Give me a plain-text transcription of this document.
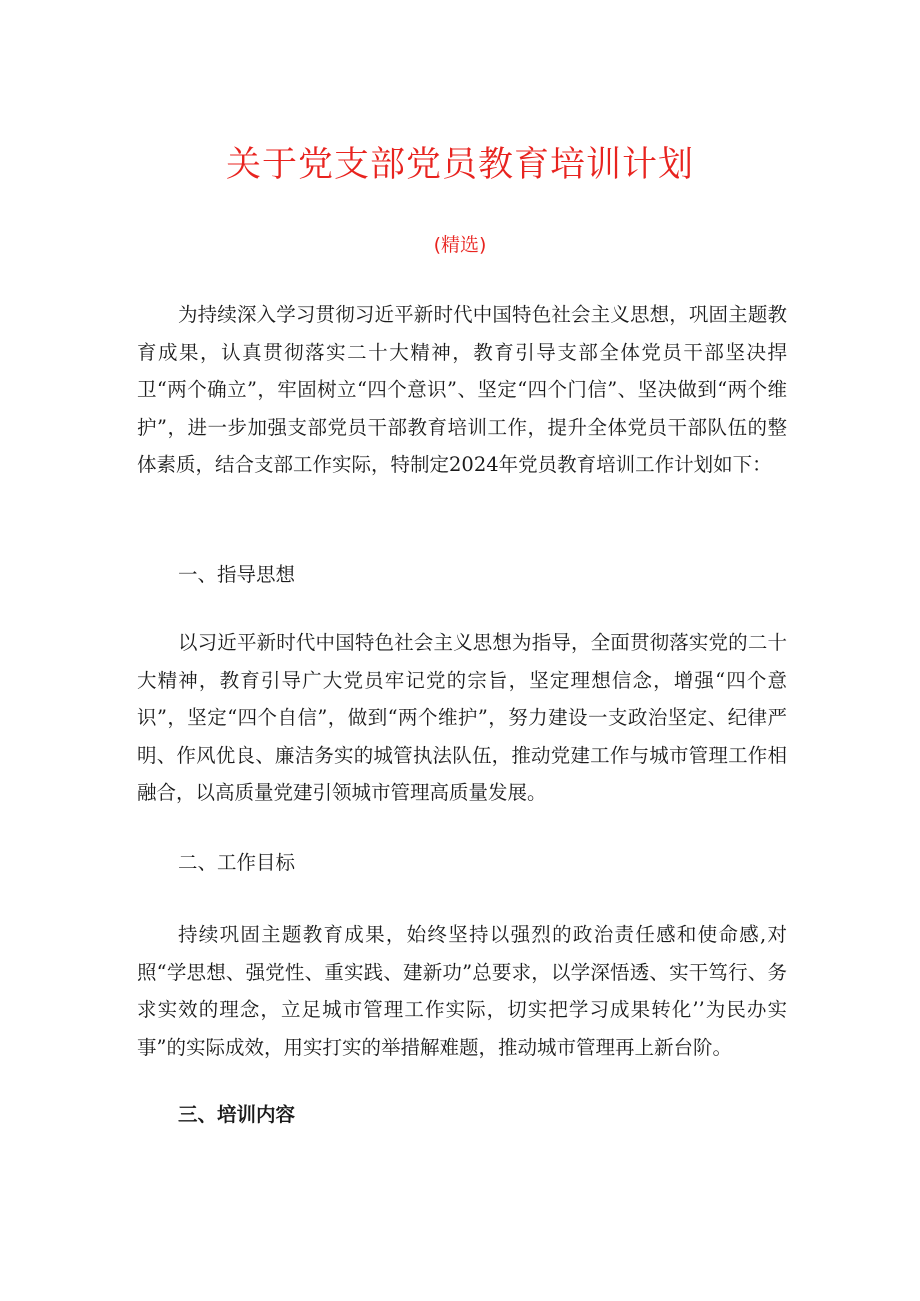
关于党支部党员教育培训计划
(精选)

为持续深入学习贯彻习近平新时代中国特色社会主义思想，巩固主题教育成果，认真贯彻落实二十大精神，教育引导支部全体党员干部坚决捍卫“两个确立”，牢固树立“四个意识”、坚定“四个门信”、坚决做到“两个维护”，进一步加强支部党员干部教育培训工作，提升全体党员干部队伍的整体素质，结合支部工作实际，特制定2024年党员教育培训工作计划如下：

一、指导思想

以习近平新时代中国特色社会主义思想为指导，全面贯彻落实党的二十大精神，教育引导广大党员牢记党的宗旨，坚定理想信念，增强“四个意识”，坚定“四个自信”，做到“两个维护”，努力建设一支政治坚定、纪律严明、作风优良、廉洁务实的城管执法队伍，推动党建工作与城市管理工作相融合，以高质量党建引领城市管理高质量发展。

二、工作目标

持续巩固主题教育成果，始终坚持以强烈的政治责任感和使命感,对照“学思想、强党性、重实践、建新功”总要求，以学深悟透、实干笃行、务求实效的理念，立足城市管理工作实际，切实把学习成果转化’’为民办实事”的实际成效，用实打实的举措解难题，推动城市管理再上新台阶。

三、培训内容
